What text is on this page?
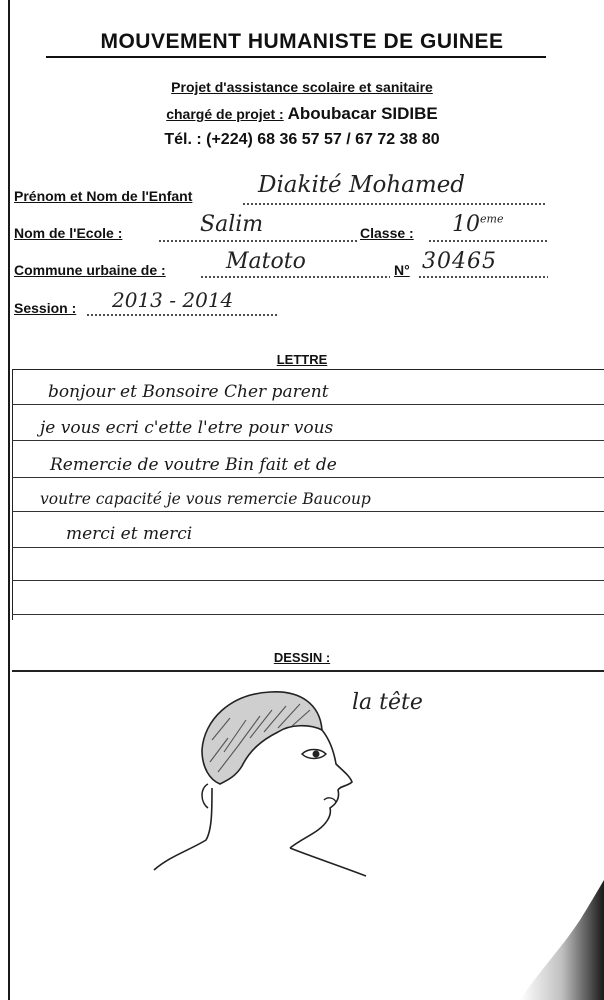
MOUVEMENT HUMANISTE DE GUINEE
Projet d'assistance scolaire et sanitaire
chargé de projet : Aboubacar SIDIBE
Tél. : (+224) 68 36 57 57 / 67 72 38 80
Prénom et Nom de l'Enfant	Diakité Mohamed
Nom de l'Ecole :	Salim	Classe : 10eme
Commune urbaine de :	Matoto	N° 30465
Session : 2013 - 2014
LETTRE
bonjour et Bonsoire Cher parent
je vous ecri c'ette l'etre pour vous
Remercie de voutre Bin fait et de
voutre capacité je vous remercie Baucoup
merci et merci
DESSIN :
la tête
